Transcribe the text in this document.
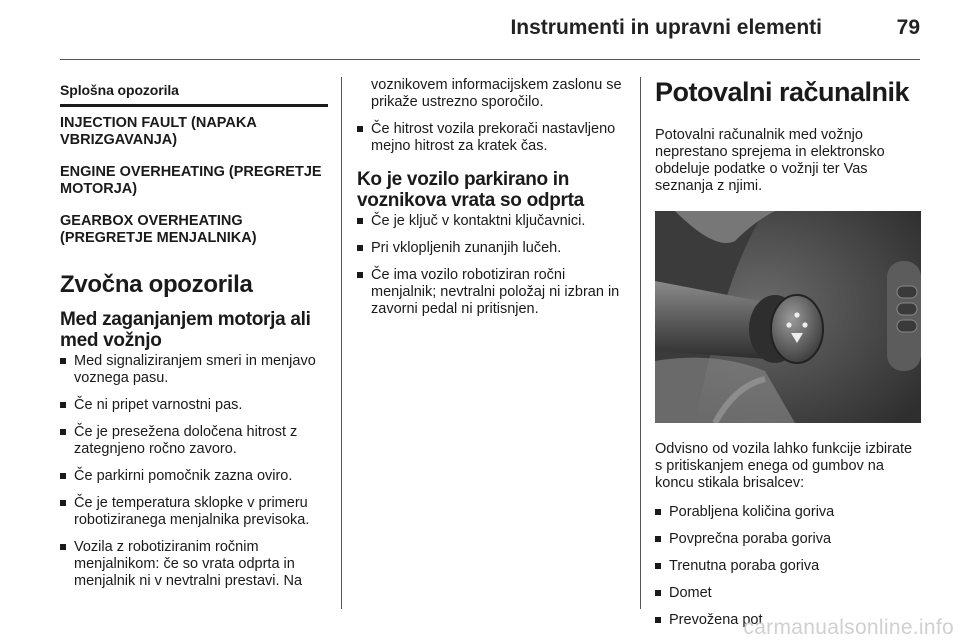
Instrumenti in upravni elementi	79
Splošna opozorila
INJECTION FAULT (NAPAKA VBRIZGAVANJA)
ENGINE OVERHEATING (PREGRETJE MOTORJA)
GEARBOX OVERHEATING (PREGRETJE MENJALNIKA)
Zvočna opozorila
Med zaganjanjem motorja ali med vožnjo
Med signaliziranjem smeri in menjavo voznega pasu.
Če ni pripet varnostni pas.
Če je presežena določena hitrost z zategnjeno ročno zavoro.
Če parkirni pomočnik zazna oviro.
Če je temperatura sklopke v primeru robotiziranega menjalnika previsoka.
Vozila z robotiziranim ročnim menjalnikom: če so vrata odprta in menjalnik ni v nevtralni prestavi. Na

voznikovem informacijskem zaslonu se prikaže ustrezno sporočilo.

Če hitrost vozila prekorači nastavljeno mejno hitrost za kratek čas.
Ko je vozilo parkirano in voznikova vrata so odprta
Če je ključ v kontaktni ključavnici.
Pri vklopljenih zunanjih lučeh.
Če ima vozilo robotiziran ročni menjalnik; nevtralni položaj ni izbran in zavorni pedal ni pritisnjen.
Potovalni računalnik

Potovalni računalnik med vožnjo neprestano sprejema in elektronsko obdeluje podatke o vožnji ter Vas seznanja z njimi.

Odvisno od vozila lahko funkcije izbirate s pritiskanjem enega od gumbov na koncu stikala brisalcev:

Porabljena količina goriva
Povprečna poraba goriva
Trenutna poraba goriva
Domet
Prevožena pot
carmanualsonline.info
